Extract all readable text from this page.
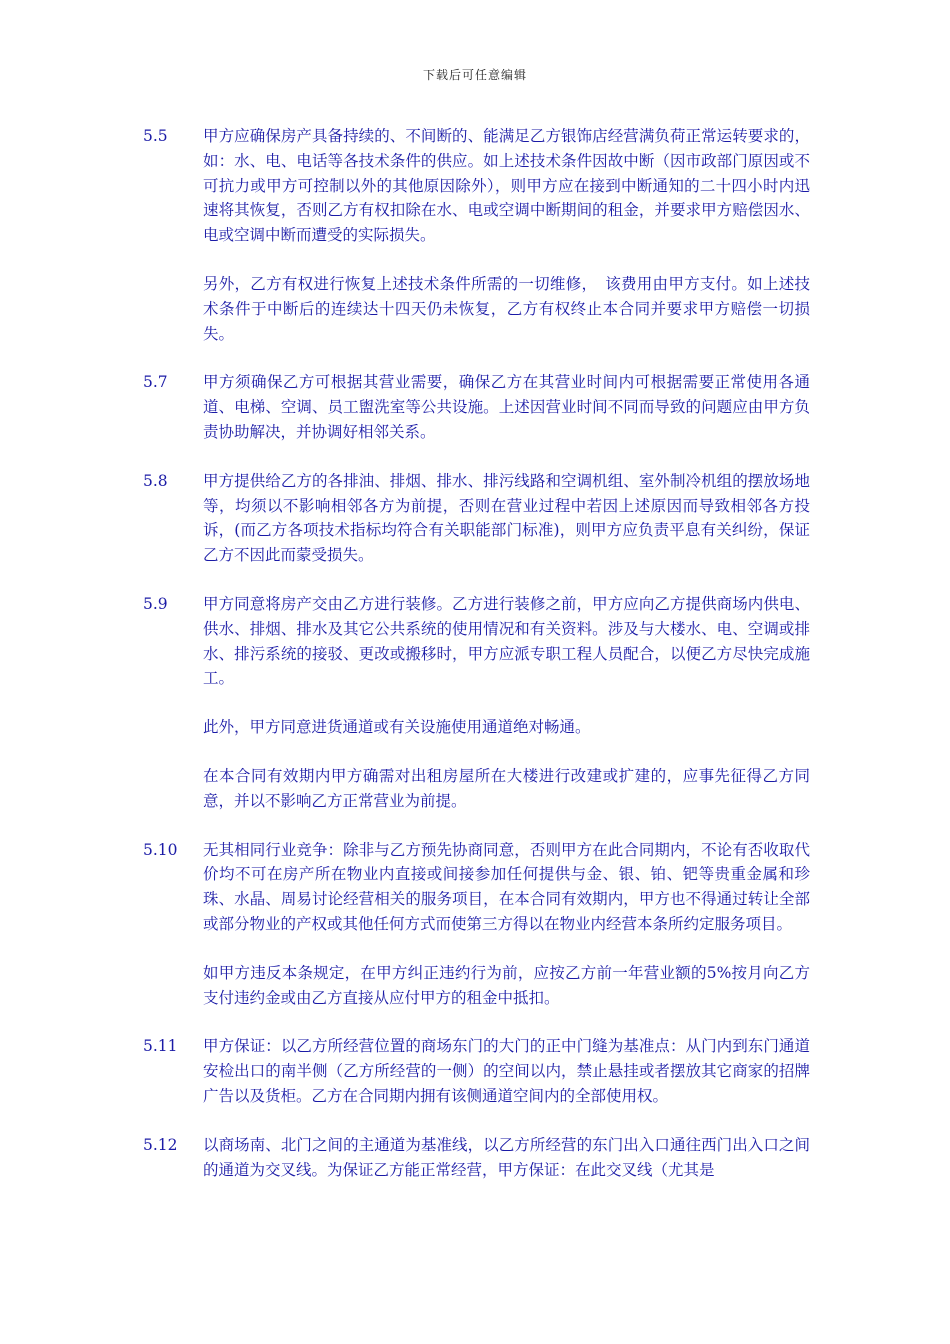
下载后可任意编辑
5.5	甲方应确保房产具备持续的、不间断的、能满足乙方银饰店经营满负荷正常运转要求的，如：水、电、电话等各技术条件的供应。如上述技术条件因故中断（因市政部门原因或不可抗力或甲方可控制以外的其他原因除外），则甲方应在接到中断通知的二十四小时内迅速将其恢复，否则乙方有权扣除在水、电或空调中断期间的租金，并要求甲方赔偿因水、电或空调中断而遭受的实际损失。

另外，乙方有权进行恢复上述技术条件所需的一切维修，　该费用由甲方支付。如上述技术条件于中断后的连续达十四天仍未恢复，乙方有权终止本合同并要求甲方赔偿一切损失。

5.7	甲方须确保乙方可根据其营业需要，确保乙方在其营业时间内可根据需要正常使用各通道、电梯、空调、员工盥洗室等公共设施。上述因营业时间不同而导致的问题应由甲方负责协助解决，并协调好相邻关系。

5.8	甲方提供给乙方的各排油、排烟、排水、排污线路和空调机组、室外制冷机组的摆放场地等，均须以不影响相邻各方为前提，否则在营业过程中若因上述原因而导致相邻各方投诉，(而乙方各项技术指标均符合有关职能部门标准)，则甲方应负责平息有关纠纷，保证乙方不因此而蒙受损失。

5.9	甲方同意将房产交由乙方进行装修。乙方进行装修之前，甲方应向乙方提供商场内供电、供水、排烟、排水及其它公共系统的使用情况和有关资料。涉及与大楼水、电、空调或排水、排污系统的接驳、更改或搬移时，甲方应派专职工程人员配合，以便乙方尽快完成施工。

此外，甲方同意进货通道或有关设施使用通道绝对畅通。

在本合同有效期内甲方确需对出租房屋所在大楼进行改建或扩建的，应事先征得乙方同意，并以不影响乙方正常营业为前提。

5.10	无其相同行业竞争：除非与乙方预先协商同意，否则甲方在此合同期内，不论有否收取代价均不可在房产所在物业内直接或间接参加任何提供与金、银、铂、钯等贵重金属和珍珠、水晶、周易讨论经营相关的服务项目，在本合同有效期内，甲方也不得通过转让全部或部分物业的产权或其他任何方式而使第三方得以在物业内经营本条所约定服务项目。

如甲方违反本条规定，在甲方纠正违约行为前，应按乙方前一年营业额的5%按月向乙方支付违约金或由乙方直接从应付甲方的租金中抵扣。

5.11	甲方保证：以乙方所经营位置的商场东门的大门的正中门缝为基准点：从门内到东门通道安检出口的南半侧（乙方所经营的一侧）的空间以内，禁止悬挂或者摆放其它商家的招牌广告以及货柜。乙方在合同期内拥有该侧通道空间内的全部使用权。

5.12	以商场南、北门之间的主通道为基准线，以乙方所经营的东门出入口通往西门出入口之间的通道为交叉线。为保证乙方能正常经营，甲方保证：在此交叉线（尤其是
